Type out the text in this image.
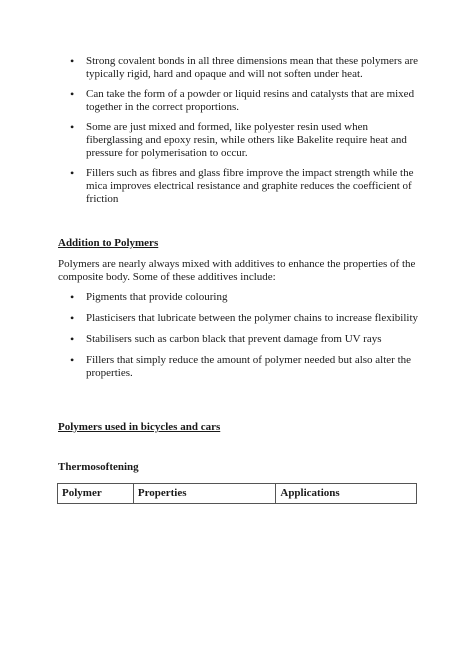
• Strong covalent bonds in all three dimensions mean that these polymers are typically rigid, hard and opaque and will not soften under heat.
• Can take the form of a powder or liquid resins and catalysts that are mixed together in the correct proportions.
• Some are just mixed and formed, like polyester resin used when fiberglassing and epoxy resin, while others like Bakelite require heat and pressure for polymerisation to occur.
• Fillers such as fibres and glass fibre improve the impact strength while the mica improves electrical resistance and graphite reduces the coefficient of friction
Addition to Polymers
Polymers are nearly always mixed with additives to enhance the properties of the composite body. Some of these additives include:
• Pigments that provide colouring
• Plasticisers that lubricate between the polymer chains to increase flexibility
• Stabilisers such as carbon black that prevent damage from UV rays
• Fillers that simply reduce the amount of polymer needed but also alter the properties.
Polymers used in bicycles and cars
Thermosoftening
Polymer	Properties	Applications
